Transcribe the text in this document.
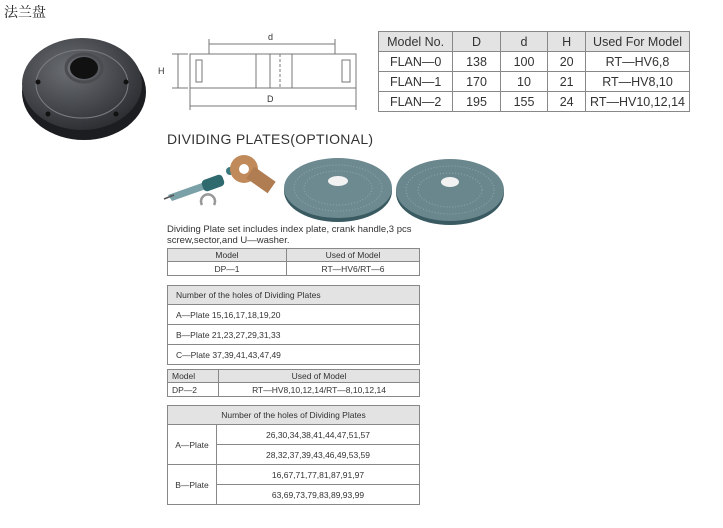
法兰盘
d
H
D
Model No.	D	d	H	Used For Model
FLAN—0	138	100	20	RT—HV6,8
FLAN—1	170	10	21	RT—HV8,10
FLAN—2	195	155	24	RT—HV10,12,14
DIVIDING PLATES(OPTIONAL)
Dividing Plate set includes index plate, crank handle,3 pcs screw,sector,and U—washer.
Model	Used of Model
DP—1	RT—HV6/RT—6
Number of the holes of Dividing Plates
A—Plate 15,16,17,18,19,20
B—Plate 21,23,27,29,31,33
C—Plate 37,39,41,43,47,49
Model	Used of Model
DP—2	RT—HV8,10,12,14/RT—8,10,12,14
Number of the holes of Dividing Plates	
A—Plate	26,30,34,38,41,44,47,51,57
	28,32,37,39,43,46,49,53,59
B—Plate	16,67,71,77,81,87,91,97
	63,69,73,79,83,89,93,99
